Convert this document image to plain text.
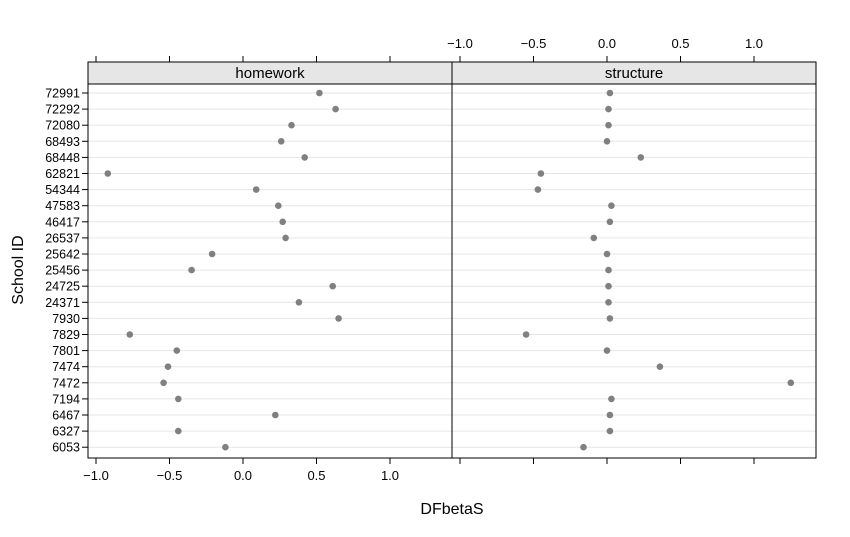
homework	structure
−1.0	−0.5	0.0	0.5	1.0
−1.0	−0.5	0.0	0.5	1.0
72991
72292
72080
68493
68448
62821
54344
47583
46417
26537
25642
25456
24725
24371
7930
7829
7801
7474
7472
7194
6467
6327
6053
DFbetaS
School ID
